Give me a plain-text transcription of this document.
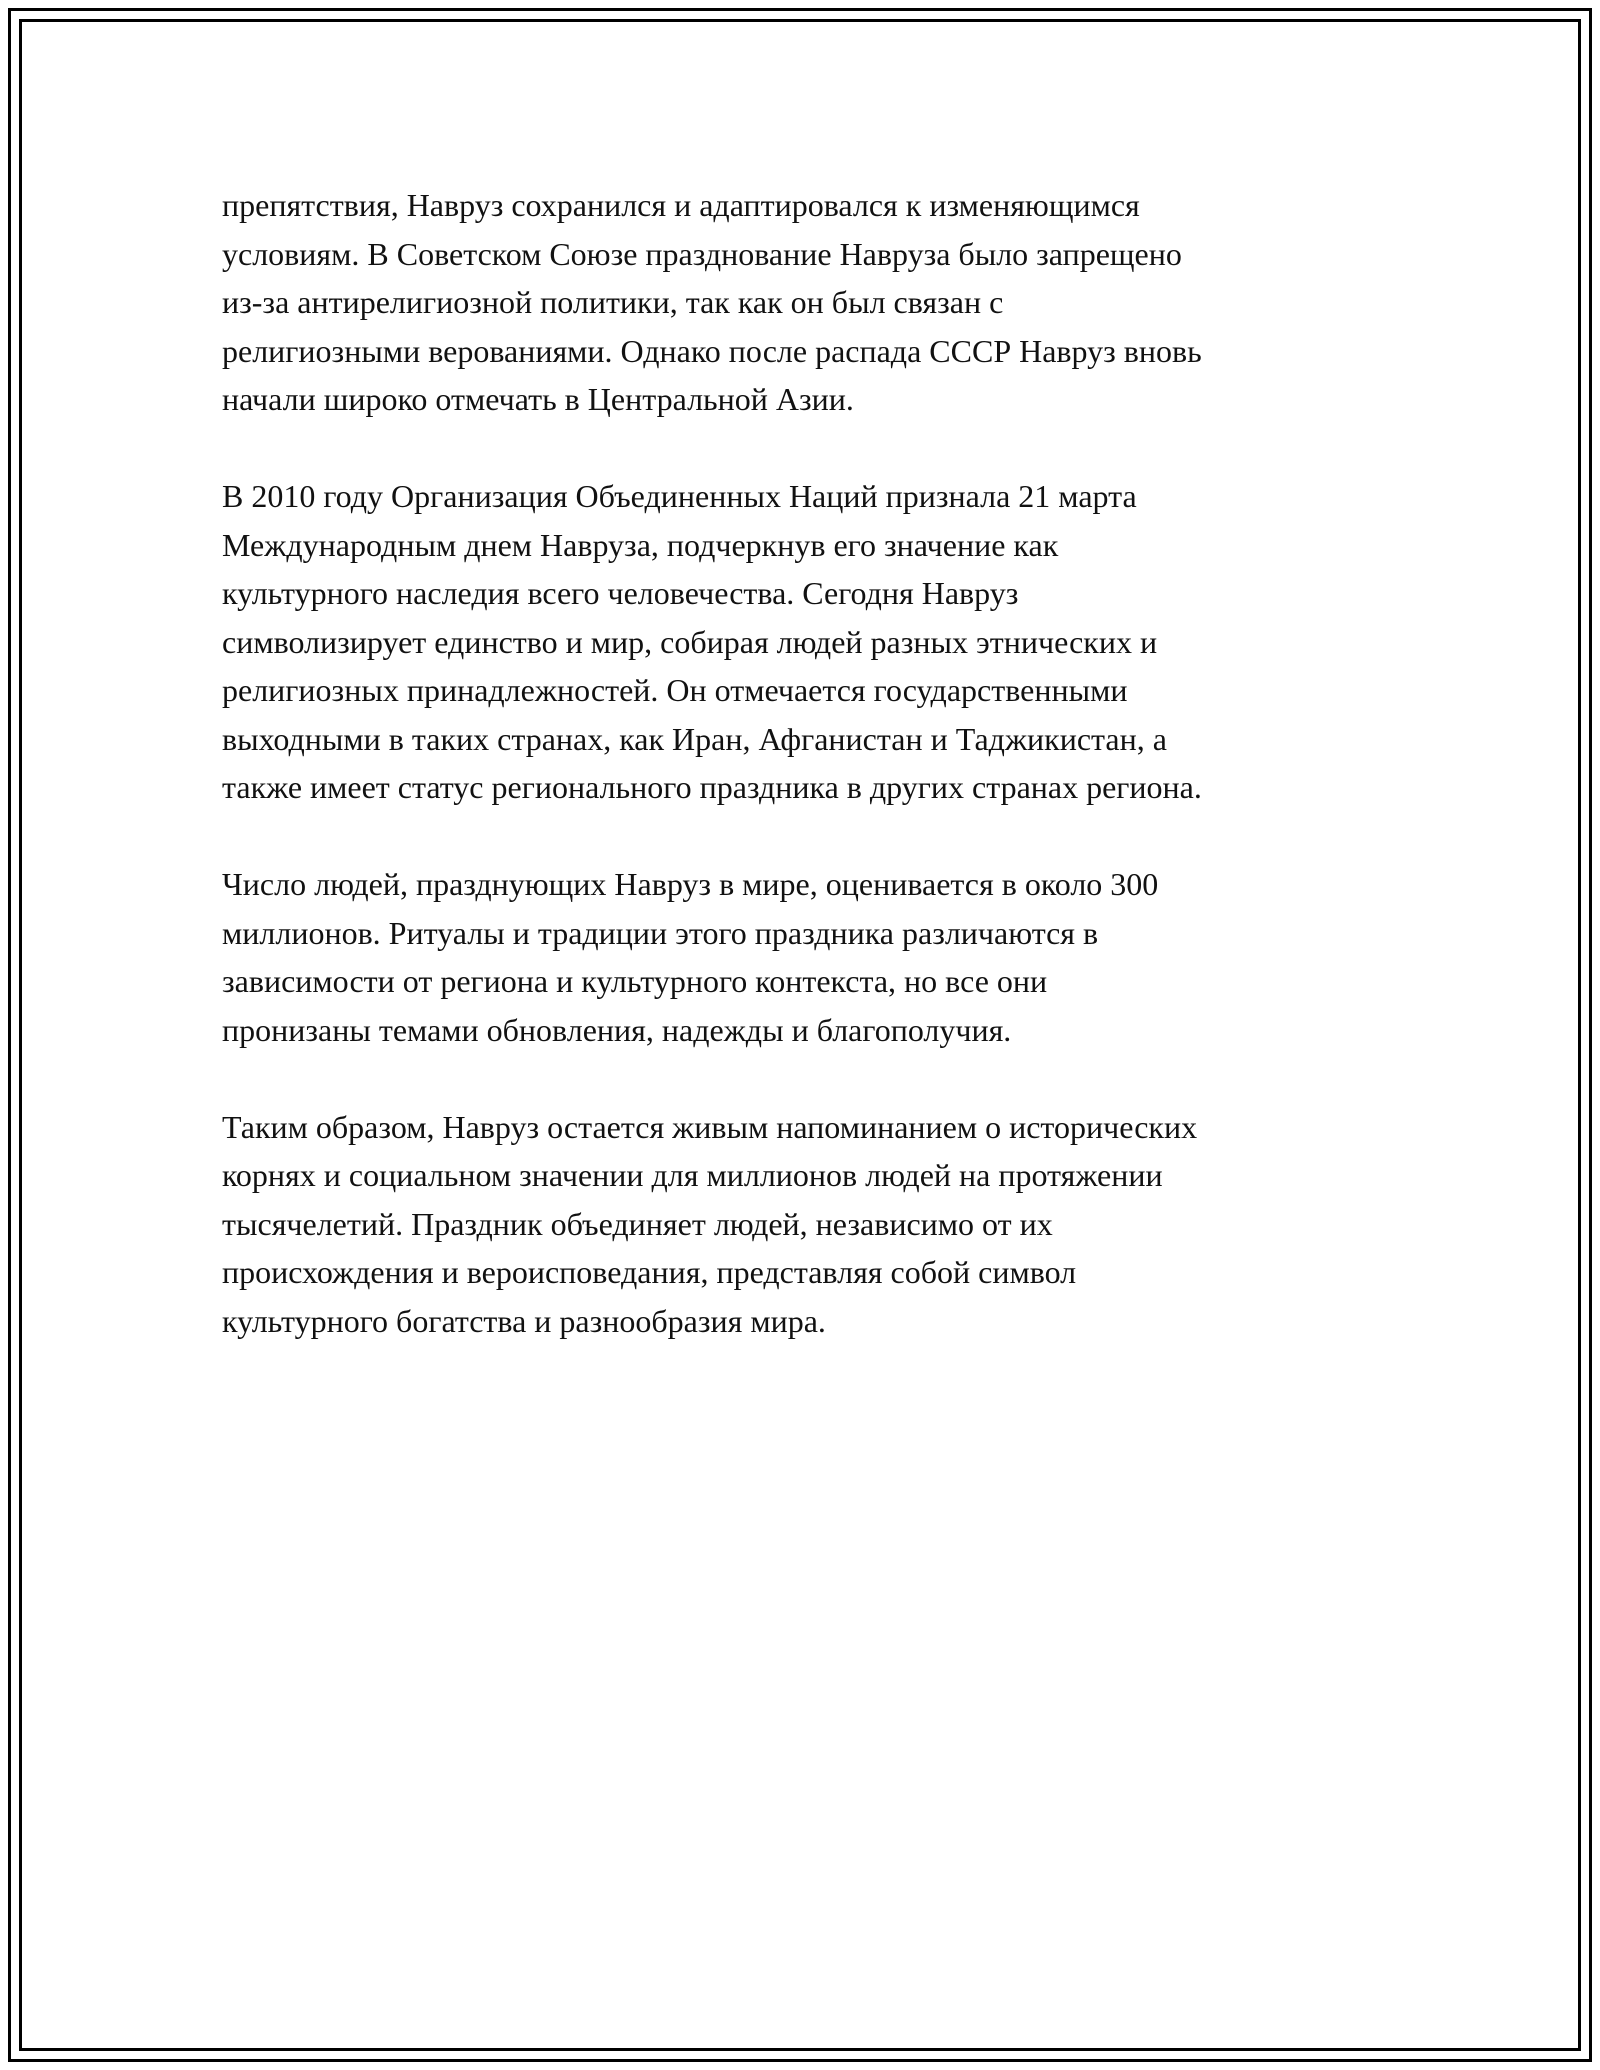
препятствия, Навруз сохранился и адаптировался к изменяющимся
условиям. В Советском Союзе празднование Навруза было запрещено
из-за антирелигиозной политики, так как он был связан с
религиозными верованиями. Однако после распада СССР Навруз вновь
начали широко отмечать в Центральной Азии.

В 2010 году Организация Объединенных Наций признала 21 марта
Международным днем Навруза, подчеркнув его значение как
культурного наследия всего человечества. Сегодня Навруз
символизирует единство и мир, собирая людей разных этнических и
религиозных принадлежностей. Он отмечается государственными
выходными в таких странах, как Иран, Афганистан и Таджикистан, а
также имеет статус регионального праздника в других странах региона.

Число людей, празднующих Навруз в мире, оценивается в около 300
миллионов. Ритуалы и традиции этого праздника различаются в
зависимости от региона и культурного контекста, но все они
пронизаны темами обновления, надежды и благополучия.

Таким образом, Навруз остается живым напоминанием о исторических
корнях и социальном значении для миллионов людей на протяжении
тысячелетий. Праздник объединяет людей, независимо от их
происхождения и вероисповедания, представляя собой символ
культурного богатства и разнообразия мира.
